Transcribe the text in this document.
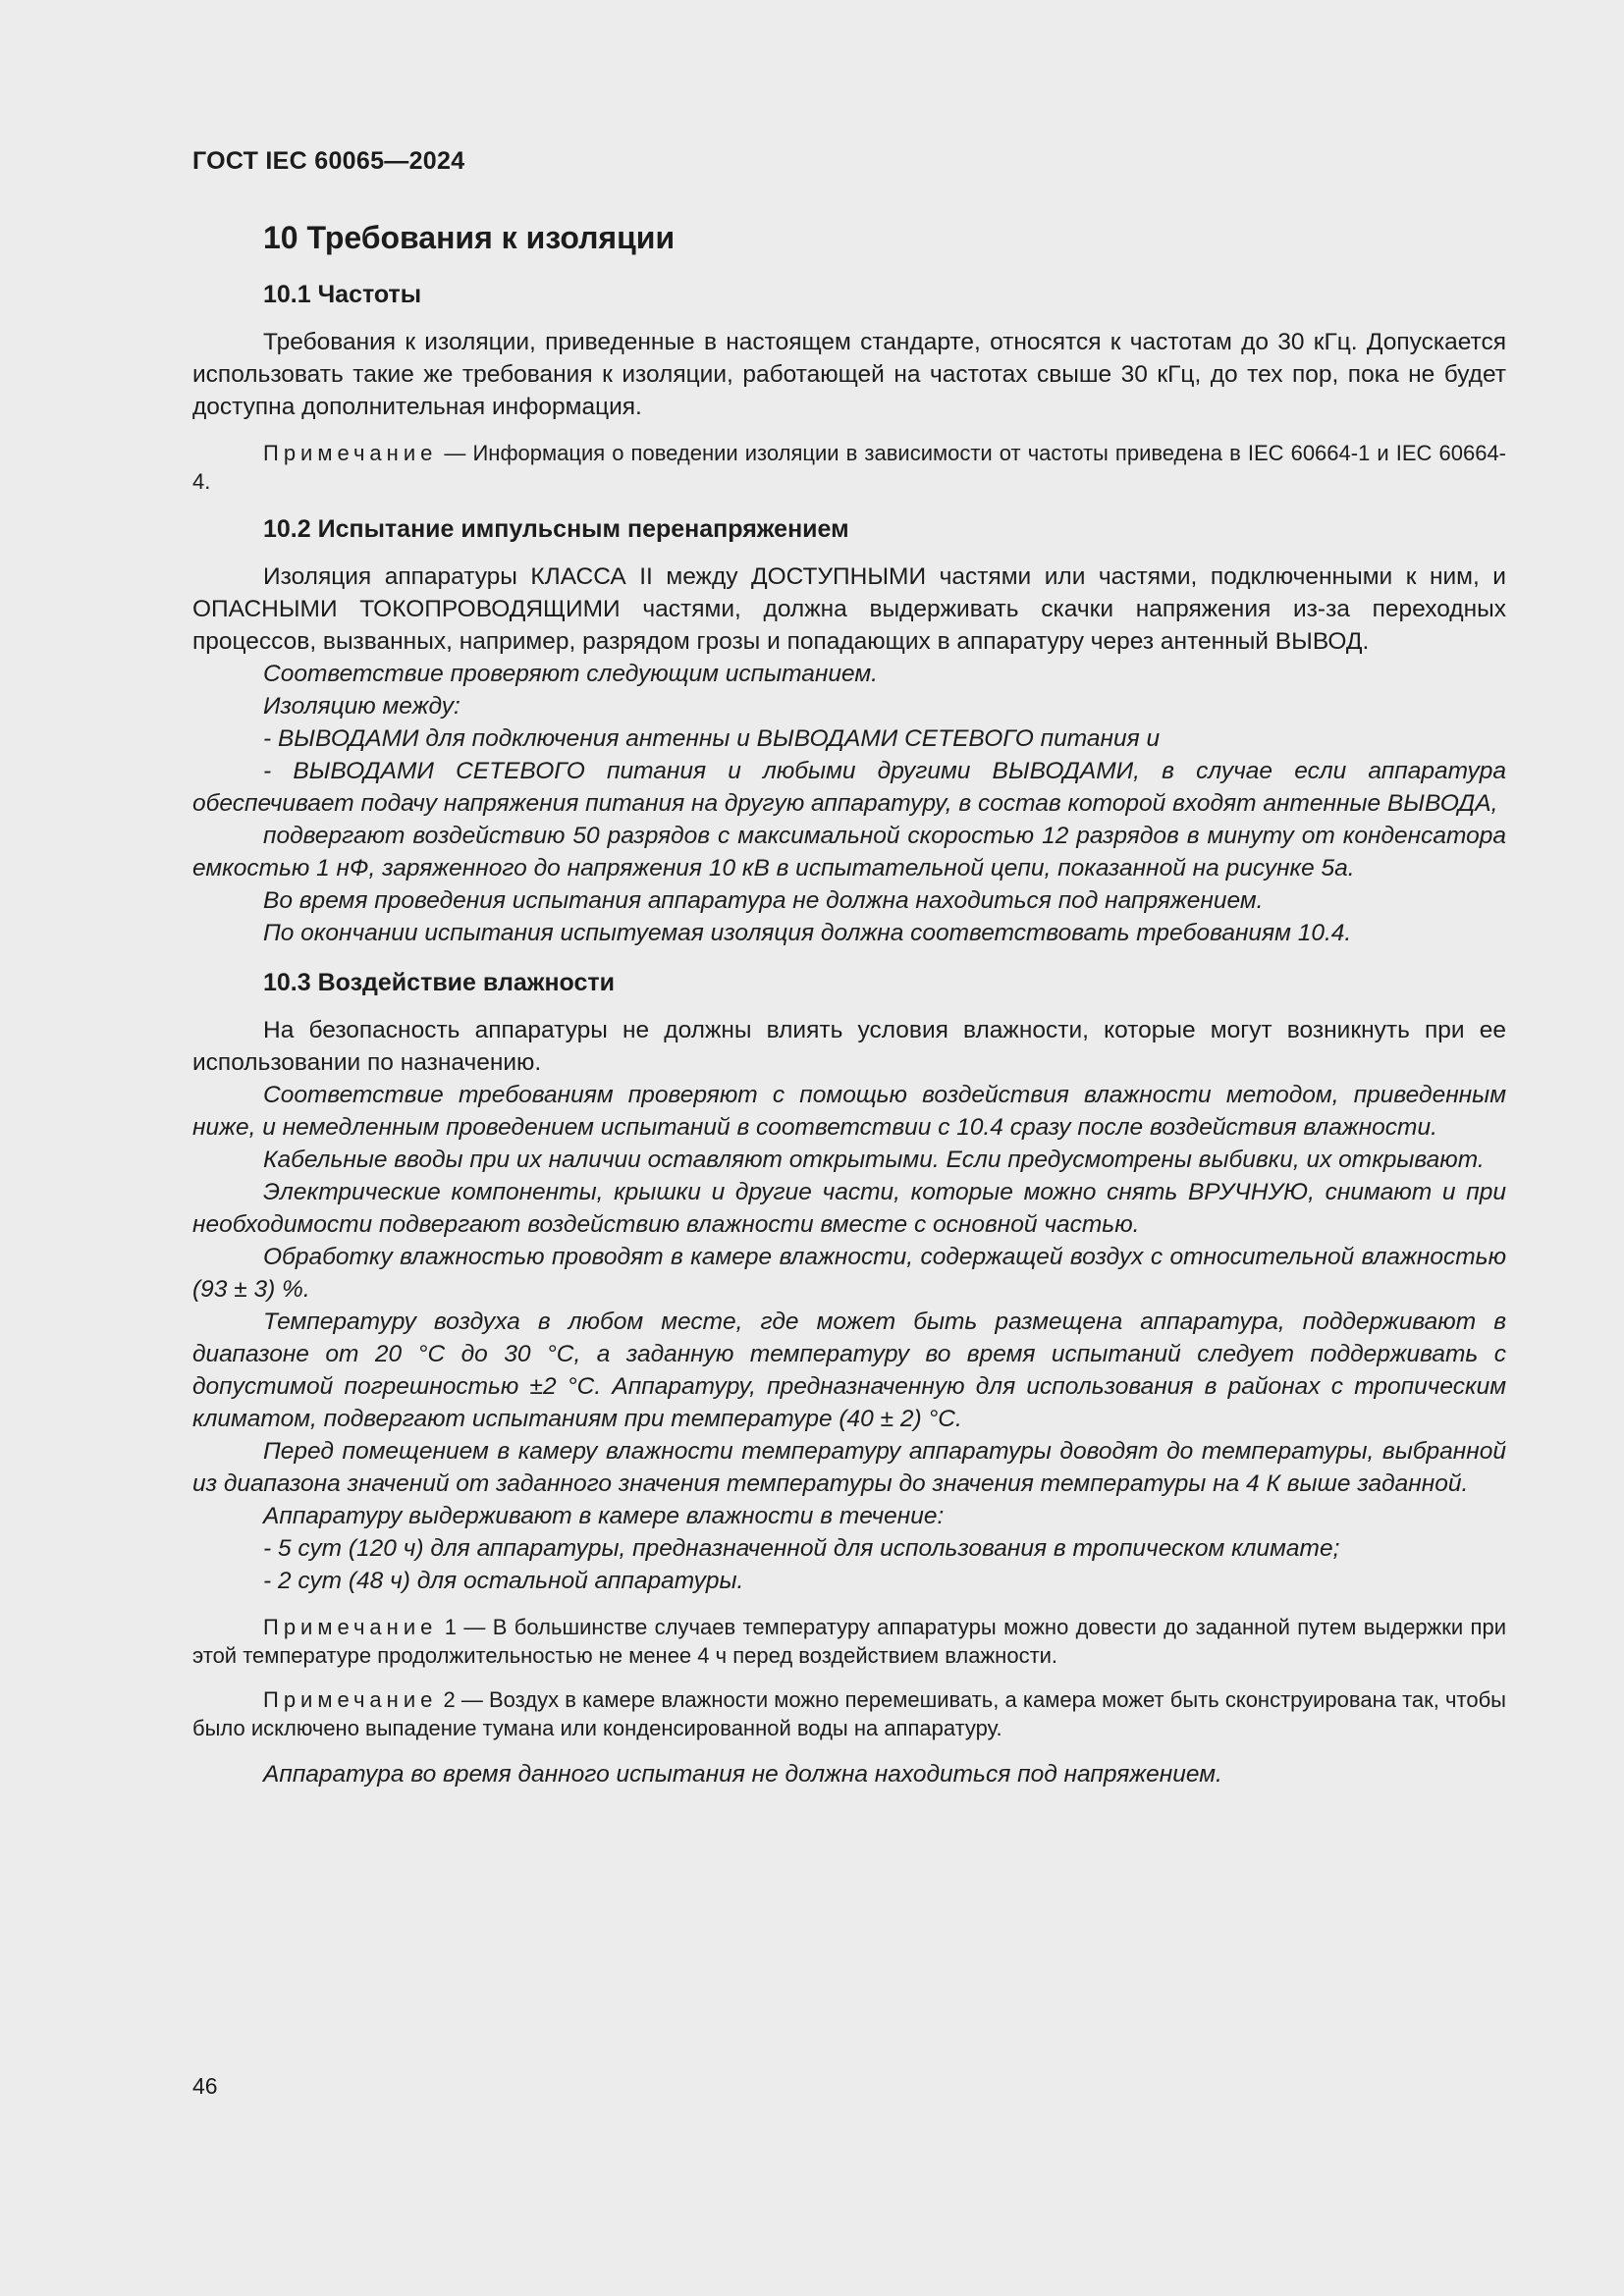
ГОСТ IEC 60065—2024
10 Требования к изоляции
10.1 Частоты

Требования к изоляции, приведенные в настоящем стандарте, относятся к частотам до 30 кГц. Допускается использовать такие же требования к изоляции, работающей на частотах свыше 30 кГц, до тех пор, пока не будет доступна дополнительная информация.

Примечание — Информация о поведении изоляции в зависимости от частоты приведена в IEC 60664-1 и IEC 60664-4.
10.2 Испытание импульсным перенапряжением

Изоляция аппаратуры КЛАССА II между ДОСТУПНЫМИ частями или частями, подключенными к ним, и ОПАСНЫМИ ТОКОПРОВОДЯЩИМИ частями, должна выдерживать скачки напряжения из-за переходных процессов, вызванных, например, разрядом грозы и попадающих в аппаратуру через антенный ВЫВОД.

Соответствие проверяют следующим испытанием.

Изоляцию между:

- ВЫВОДАМИ для подключения антенны и ВЫВОДАМИ СЕТЕВОГО питания и

- ВЫВОДАМИ СЕТЕВОГО питания и любыми другими ВЫВОДАМИ, в случае если аппаратура обеспечивает подачу напряжения питания на другую аппаратуру, в состав которой входят антенные ВЫВОДА,

подвергают воздействию 50 разрядов с максимальной скоростью 12 разрядов в минуту от конденсатора емкостью 1 нФ, заряженного до напряжения 10 кВ в испытательной цепи, показанной на рисунке 5а.

Во время проведения испытания аппаратура не должна находиться под напряжением.

По окончании испытания испытуемая изоляция должна соответствовать требованиям 10.4.

10.3 Воздействие влажности

На безопасность аппаратуры не должны влиять условия влажности, которые могут возникнуть при ее использовании по назначению.

Соответствие требованиям проверяют с помощью воздействия влажности методом, приведенным ниже, и немедленным проведением испытаний в соответствии с 10.4 сразу после воздействия влажности.

Кабельные вводы при их наличии оставляют открытыми. Если предусмотрены выбивки, их открывают.

Электрические компоненты, крышки и другие части, которые можно снять ВРУЧНУЮ, снимают и при необходимости подвергают воздействию влажности вместе с основной частью.

Обработку влажностью проводят в камере влажности, содержащей воздух с относительной влажностью (93 ± 3) %.

Температуру воздуха в любом месте, где может быть размещена аппаратура, поддерживают в диапазоне от 20 °С до 30 °С, а заданную температуру во время испытаний следует поддерживать с допустимой погрешностью ±2 °С. Аппаратуру, предназначенную для использования в районах с тропическим климатом, подвергают испытаниям при температуре (40 ± 2) °С.

Перед помещением в камеру влажности температуру аппаратуры доводят до температуры, выбранной из диапазона значений от заданного значения температуры до значения температуры на 4 К выше заданной.

Аппаратуру выдерживают в камере влажности в течение:

- 5 сут (120 ч) для аппаратуры, предназначенной для использования в тропическом климате;

- 2 сут (48 ч) для остальной аппаратуры.

Примечание 1 — В большинстве случаев температуру аппаратуры можно довести до заданной путем выдержки при этой температуре продолжительностью не менее 4 ч перед воздействием влажности.
Примечание 2 — Воздух в камере влажности можно перемешивать, а камера может быть сконструирована так, чтобы было исключено выпадение тумана или конденсированной воды на аппаратуру.

Аппаратура во время данного испытания не должна находиться под напряжением.

46
